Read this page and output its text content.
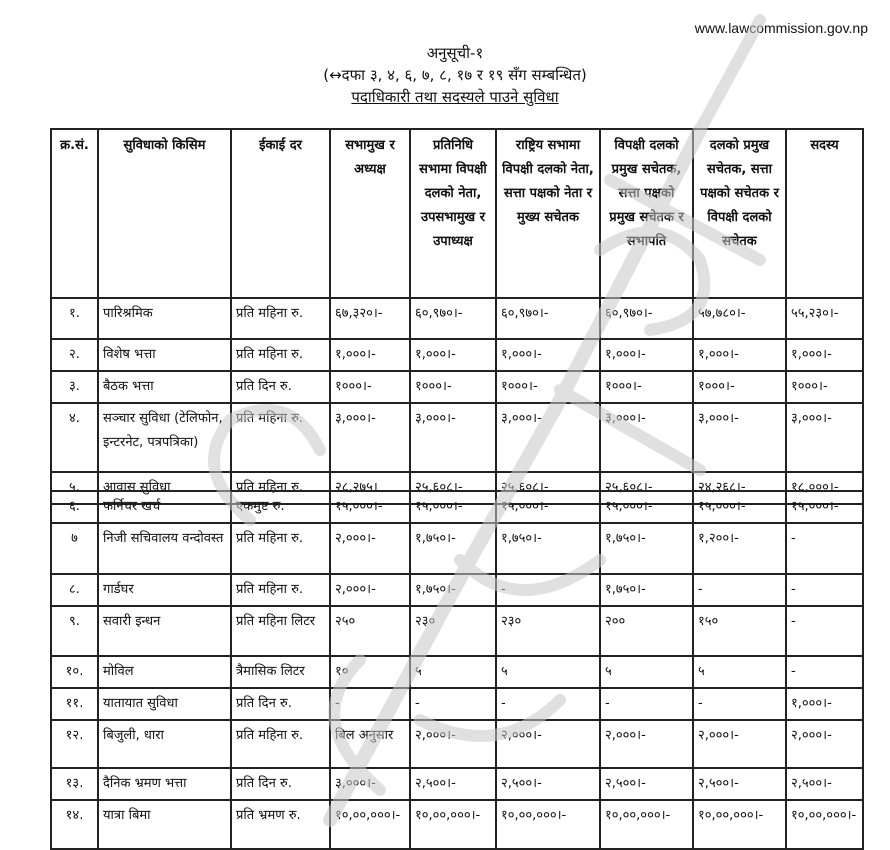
www.lawcommission.gov.np
अनुसूची-१
(↔दफा ३, ४, ६, ७, ८, १७ र १९ सँग सम्बन्धित)
पदाधिकारी तथा सदस्यले पाउने सुविधा
क्र.सं.	सुविधाको किसिम	ईकाई दर	सभामुख र अध्यक्ष	प्रतिनिधि सभामा विपक्षी दलको नेता, उपसभामुख र उपाध्यक्ष	राष्ट्रिय सभामा विपक्षी दलको नेता, सत्ता पक्षको नेता र मुख्य सचेतक	विपक्षी दलको प्रमुख सचेतक, सत्ता पक्षको प्रमुख सचेतक र सभापति	दलको प्रमुख सचेतक, सत्ता पक्षको सचेतक र विपक्षी दलको सचेतक	सदस्य
१.	पारिश्रमिक	प्रति महिना रु.	६७,३२०।-	६०,९७०।-	६०,९७०।-	६०,९७०।-	५७,७८०।-	५५,२३०।-
२.	विशेष भत्ता	प्रति महिना रु.	१,०००।-	१,०००।-	१,०००।-	१,०००।-	१,०००।-	१,०००।-
३.	बैठक भत्ता	प्रति दिन रु.	१०००।-	१०००।-	१०००।-	१०००।-	१०००।-	१०००।-
४.	सञ्चार सुविधा (टेलिफोन, इन्टरनेट, पत्रपत्रिका)	प्रति महिना रु.	३,०००।-	३,०००।-	३,०००।-	३,०००।-	३,०००।-	३,०००।-
५.	आवास सुविधा	प्रति महिना रु.	२८,२७५।	२५,६०८।-	२५,६०८।-	२५,६०८।-	२४,२६८।-	१८,०००।-
६.	फर्निचर खर्च	एकमुष्ट रु.	१५,०००।-	१५,०००।-	१५,०००।-	१५,०००।-	१५,०००।-	१५,०००।-
७	निजी सचिवालय वन्दोवस्त	प्रति महिना रु.	२,०००।-	१,७५०।-	१,७५०।-	१,७५०।-	१,२००।-	-
८.	गार्डघर	प्रति महिना रु.	२,०००।-	१,७५०।-	-	१,७५०।-	-	-
९.	सवारी इन्धन	प्रति महिना लिटर	२५०	२३०	२३०	२००	१५०	-
१०.	मोविल	त्रैमासिक लिटर	१०	५	५	५	५	-
११.	यातायात सुविधा	प्रति दिन रु.	-	-	-	-	-	१,०००।-
१२.	बिजुली, धारा	प्रति महिना रु.	बिल अनुसार	२,०००।-	२,०००।-	२,०००।-	२,०००।-	२,०००।-
१३.	दैनिक भ्रमण भत्ता	प्रति दिन रु.	३,०००।-	२,५००।-	२,५००।-	२,५००।-	२,५००।-	२,५००।-
१४.	यात्रा बिमा	प्रति भ्रमण रु.	१०,००,०००।-	१०,००,०००।-	१०,००,०००।-	१०,००,०००।-	१०,००,०००।-	१०,००,०००।-
